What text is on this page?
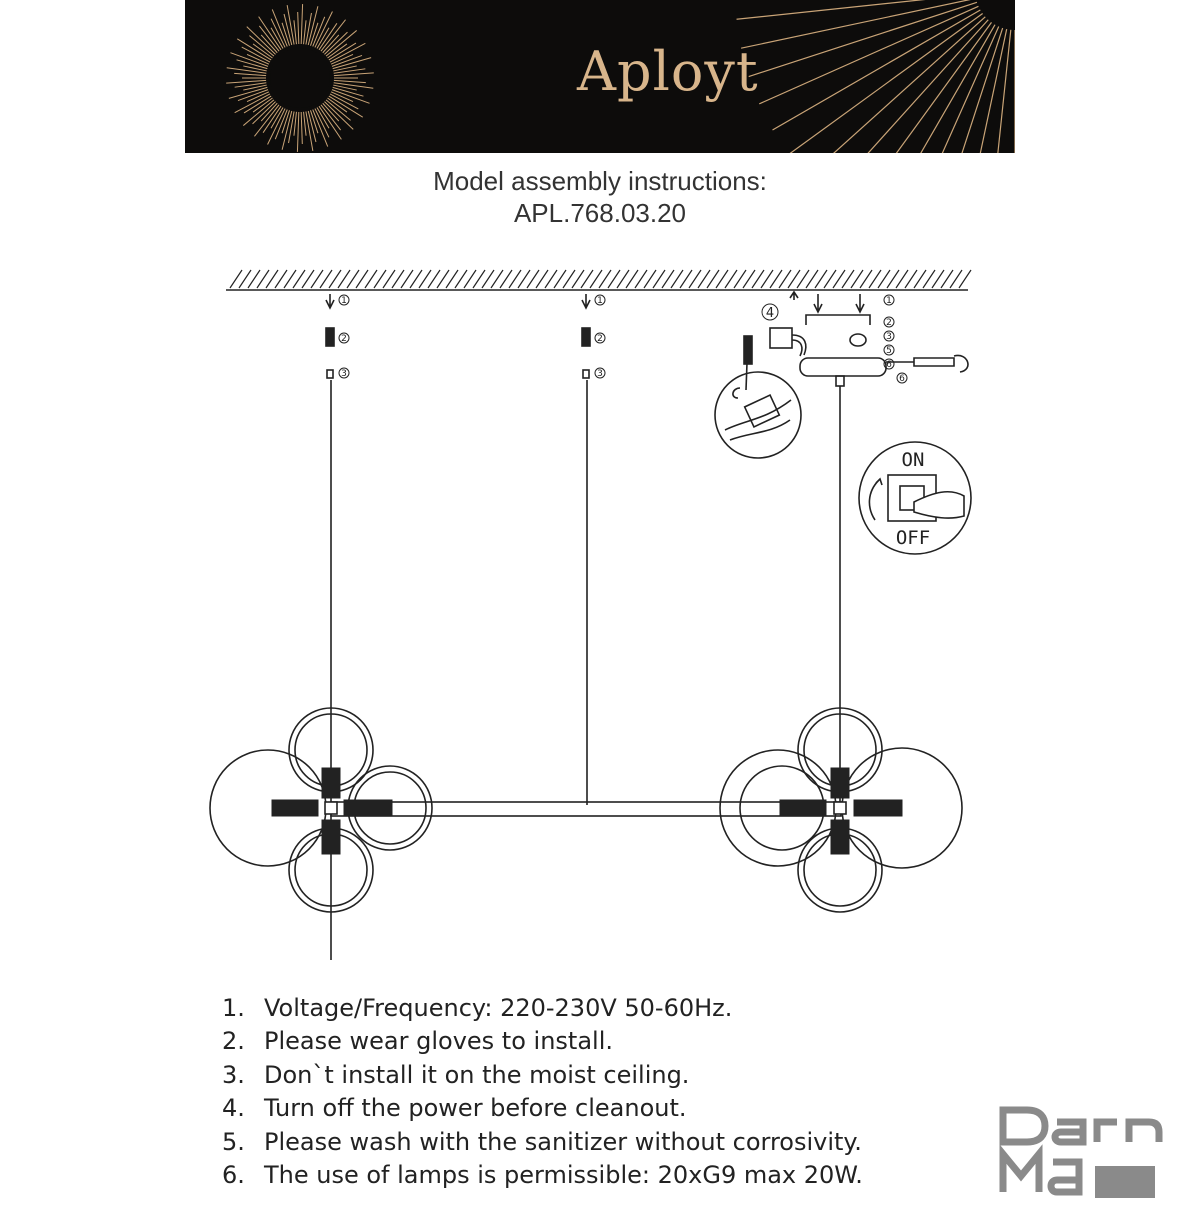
Aployt
Model assembly instructions:
APL.768.03.20
1
2
3
1
2
3
1
2
3
5
6
6
4
ON
OFF
1. Voltage/Frequency: 220-230V 50-60Hz.
2. Please wear gloves to install.
3. Don`t install it on the moist ceiling.
4. Turn off the power before cleanout.
5. Please wash with the sanitizer without corrosivity.
6. The use of lamps is permissible: 20xG9 max 20W.
